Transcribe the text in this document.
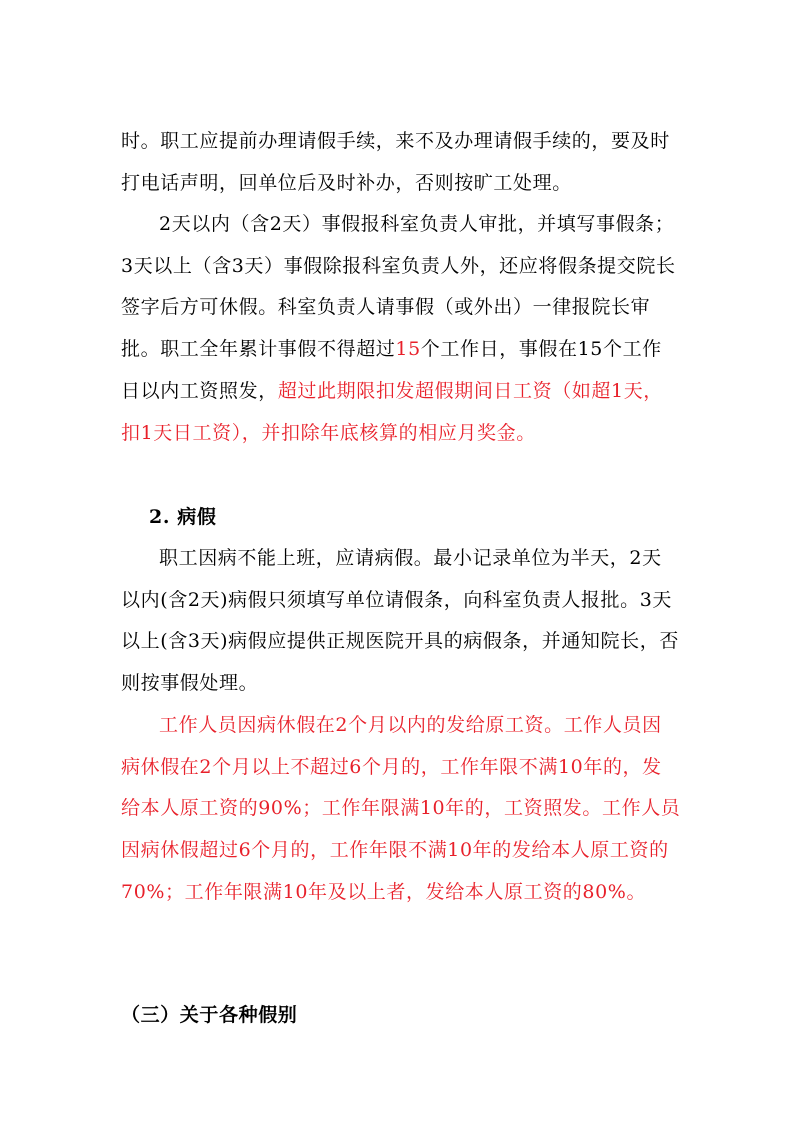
时。职工应提前办理请假手续，来不及办理请假手续的，要及时打电话声明，回单位后及时补办，否则按旷工处理。

2天以内（含2天）事假报科室负责人审批，并填写事假条；3天以上（含3天）事假除报科室负责人外，还应将假条提交院长签字后方可休假。科室负责人请事假（或外出）一律报院长审批。职工全年累计事假不得超过15个工作日，事假在15个工作日以内工资照发，超过此期限扣发超假期间日工资（如超1天，扣1天日工资），并扣除年底核算的相应月奖金。

2. 病假

职工因病不能上班，应请病假。最小记录单位为半天，2天以内(含2天)病假只须填写单位请假条，向科室负责人报批。3天以上(含3天)病假应提供正规医院开具的病假条，并通知院长，否则按事假处理。

工作人员因病休假在2个月以内的发给原工资。工作人员因病休假在2个月以上不超过6个月的，工作年限不满10年的，发给本人原工资的90%；工作年限满10年的，工资照发。工作人员因病休假超过6个月的，工作年限不满10年的发给本人原工资的70%；工作年限满10年及以上者，发给本人原工资的80%。

（三）关于各种假别
